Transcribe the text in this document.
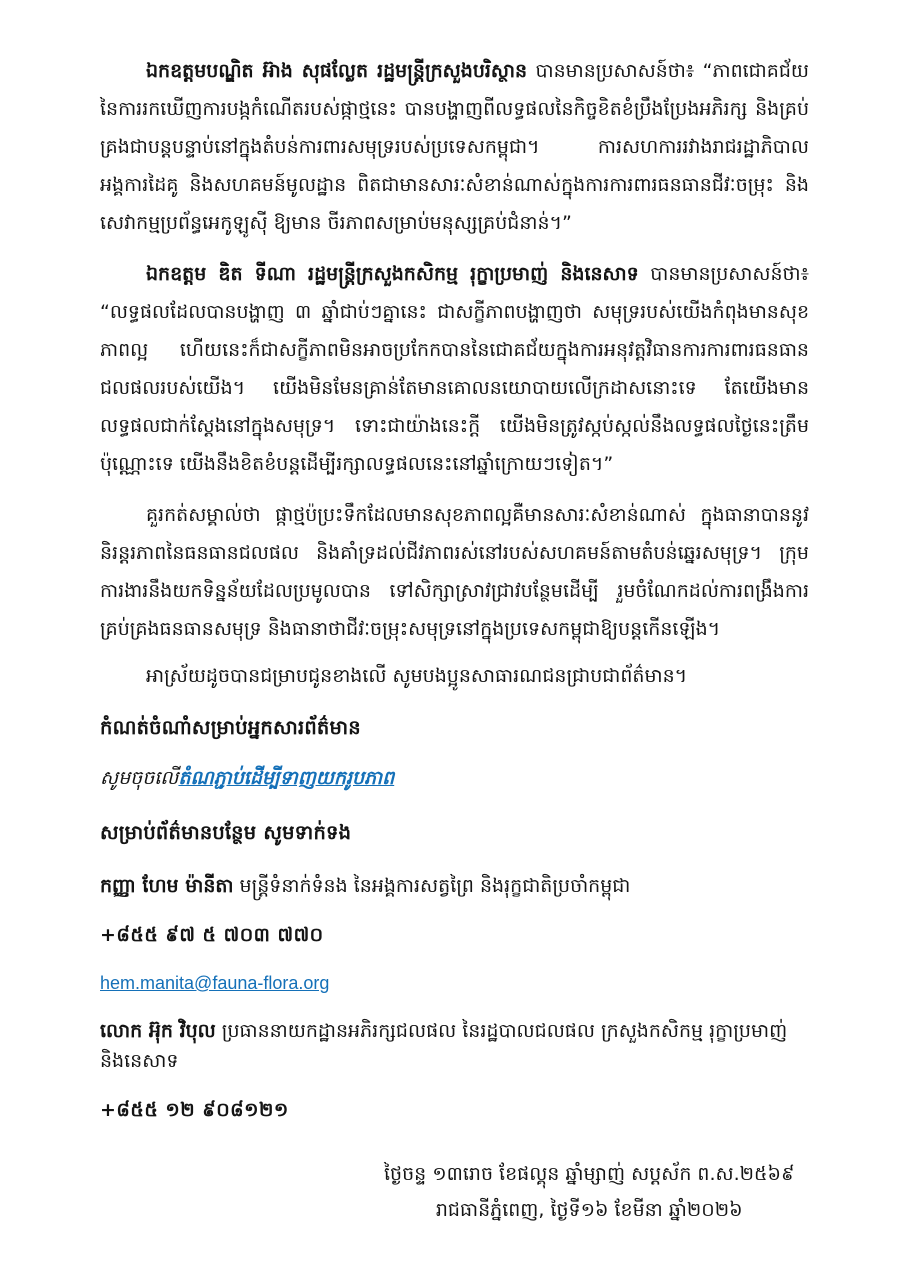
ឯកឧត្តមបណ្ឌិត អ៊ាង សុផល្លែត រដ្ឋមន្ត្រីក្រសួងបរិស្ថាន បានមានប្រសាសន៍ថា៖ “ភាពជោគជ័យនៃការរកឃើញការបង្កកំណើតរបស់ផ្កាថ្មនេះ បានបង្ហាញពីលទ្ធផលនៃកិច្ចខិតខំប្រឹងប្រែងអភិរក្ស និងគ្រប់គ្រងជាបន្តបន្ទាប់នៅក្នុងតំបន់ការពារសមុទ្ររបស់ប្រទេសកម្ពុជា។ ការសហការរវាងរាជរដ្ឋាភិបាល អង្គការដៃគូ និងសហគមន៍មូលដ្ឋាន ពិតជាមានសារៈសំខាន់ណាស់ក្នុងការការពារធនធានជីវៈចម្រុះ និងសេវាកម្មប្រព័ន្ធអេកូឡូស៊ី ឱ្យមាន ចីរភាពសម្រាប់មនុស្សគ្រប់ជំនាន់។”

ឯកឧត្តម ឌិត ទីណា រដ្ឋមន្ត្រីក្រសួងកសិកម្ម រុក្ខាប្រមាញ់ និងនេសាទ បានមានប្រសាសន៍ថា៖ “លទ្ធផលដែលបានបង្ហាញ ៣ ឆ្នាំជាប់ៗគ្នានេះ ជាសក្ខីភាពបង្ហាញថា សមុទ្ររបស់យើងកំពុងមានសុខភាពល្អ ហើយនេះក៏ជាសក្ខីភាពមិនអាចប្រកែកបាននៃជោគជ័យក្នុងការអនុវត្តវិធានការការពារធនធានជលផលរបស់យើង។ យើងមិនមែនគ្រាន់តែមានគោលនយោបាយលើក្រដាសនោះទេ តែយើងមានលទ្ធផលជាក់ស្តែងនៅក្នុងសមុទ្រ។ ទោះជាយ៉ាងនេះក្តី យើងមិនត្រូវស្កប់ស្កល់នឹងលទ្ធផលថ្ងៃនេះត្រឹមប៉ុណ្ណោះទេ យើងនឹងខិតខំបន្តដើម្បីរក្សាលទ្ធផលនេះនៅឆ្នាំក្រោយៗទៀត។”

គួរកត់សម្គាល់ថា ផ្កាថ្មប៉ប្រះទឹកដែលមានសុខភាពល្អគឺមានសារៈសំខាន់ណាស់ ក្នុងធានាបាននូវនិរន្តរភាពនៃធនធានជលផល និងគាំទ្រដល់ជីវភាពរស់នៅរបស់សហគមន៍តាមតំបន់ឆ្នេរសមុទ្រ។ ក្រុមការងារនឹងយកទិន្នន័យដែលប្រមូលបាន ទៅសិក្សាស្រាវជ្រាវបន្ថែមដើម្បី រួមចំណែកដល់ការពង្រឹងការគ្រប់គ្រងធនធានសមុទ្រ និងធានាថាជីវៈចម្រុះសមុទ្រនៅក្នុងប្រទេសកម្ពុជាឱ្យបន្តកើនឡើង។

អាស្រ័យដូចបានជម្រាបជូនខាងលើ សូមបងប្អូនសាធារណជនជ្រាបជាព័ត៌មាន។

កំណត់ចំណាំសម្រាប់អ្នកសារព័ត៌មាន

សូមចុចលើតំណភ្ជាប់ដើម្បីទាញយករូបភាព

សម្រាប់ព័ត៌មានបន្ថែម សូមទាក់ទង

កញ្ញា ហែម ម៉ានីតា មន្ត្រីទំនាក់ទំនង នៃអង្គការសត្វព្រៃ និងរុក្ខជាតិប្រចាំកម្ពុជា

+៨៥៥ ៩៧ ៥ ៧០៣ ៧៧០

hem.manita@fauna-flora.org

លោក អ៊ុក វិបុល ប្រធាននាយកដ្ឋានអភិរក្សជលផល នៃរដ្ឋបាលជលផល ក្រសួងកសិកម្ម រុក្ខាប្រមាញ់ និងនេសាទ

+៨៥៥ ១២ ៩០៨១២១

ថ្ងៃចន្ទ ១៣រោច ខែផល្គុន ឆ្នាំម្សាញ់ សប្តស័ក ព.ស.២៥៦៩
រាជធានីភ្នំពេញ, ថ្ងៃទី១៦ ខែមីនា ឆ្នាំ២០២៦
